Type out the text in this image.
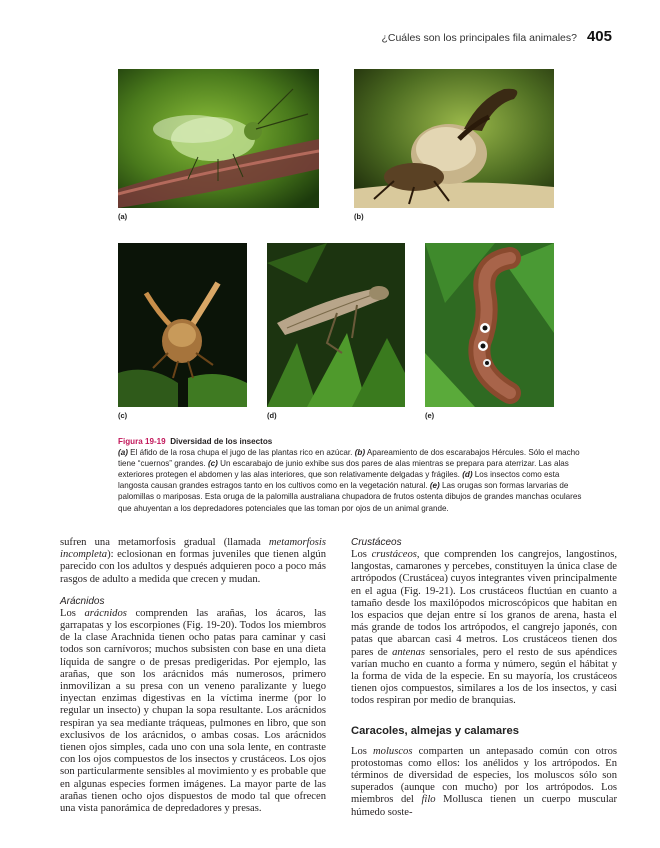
¿Cuáles son los principales fila animales? 405
(a)	(b)
(c)	(d)	(e)
Figura 19-19 Diversidad de los insectos
(a) El áfido de la rosa chupa el jugo de las plantas rico en azúcar. (b) Apareamiento de dos escarabajos Hércules. Sólo el macho tiene “cuernos” grandes. (c) Un escarabajo de junio exhibe sus dos pares de alas mientras se prepara para aterrizar. Las alas exteriores protegen el abdomen y las alas interiores, que son relativamente delgadas y frágiles. (d) Los insectos como esta langosta causan grandes estragos tanto en los cultivos como en la vegetación natural. (e) Las orugas son formas larvarias de palomillas o mariposas. Esta oruga de la palomilla australiana chupadora de frutos ostenta dibujos de grandes manchas oculares que ahuyentan a los depredadores potenciales que las toman por ojos de un animal grande.

sufren una metamorfosis gradual (llamada metamorfosis incompleta): eclosionan en formas juveniles que tienen algún parecido con los adultos y después adquieren poco a poco más rasgos de adulto a medida que crecen y mudan.

Arácnidos

Los arácnidos comprenden las arañas, los ácaros, las garrapatas y los escorpiones (Fig. 19-20). Todos los miembros de la clase Arachnida tienen ocho patas para caminar y casi todos son carnívoros; muchos subsisten con base en una dieta líquida de sangre o de presas predigeridas. Por ejemplo, las arañas, que son los arácnidos más numerosos, primero inmovilizan a su presa con un veneno paralizante y luego inyectan enzimas digestivas en la víctima inerme (por lo regular un insecto) y chupan la sopa resultante. Los arácnidos respiran ya sea mediante tráqueas, pulmones en libro, que son exclusivos de los arácnidos, o ambas cosas. Los arácnidos tienen ojos simples, cada uno con una sola lente, en contraste con los ojos compuestos de los insectos y crustáceos. Los ojos son particularmente sensibles al movimiento y es probable que en algunas especies formen imágenes. La mayor parte de las arañas tienen ocho ojos dispuestos de modo tal que ofrecen una vista panorámica de depredadores y presas.

Crustáceos

Los crustáceos, que comprenden los cangrejos, langostinos, langostas, camarones y percebes, constituyen la única clase de artrópodos (Crustácea) cuyos integrantes viven principalmente en el agua (Fig. 19-21). Los crustáceos fluctúan en cuanto a tamaño desde los maxilópodos microscópicos que habitan en los espacios que dejan entre sí los granos de arena, hasta el más grande de todos los artrópodos, el cangrejo japonés, con patas que abarcan casi 4 metros. Los crustáceos tienen dos pares de antenas sensoriales, pero el resto de sus apéndices varían mucho en cuanto a forma y número, según el hábitat y la forma de vida de la especie. En su mayoría, los crustáceos tienen ojos compuestos, similares a los de los insectos, y casi todos respiran por medio de branquias.

Caracoles, almejas y calamares

Los moluscos comparten un antepasado común con otros protostomas como ellos: los anélidos y los artrópodos. En términos de diversidad de especies, los moluscos sólo son superados (aunque con mucho) por los artrópodos. Los miembros del filo Mollusca tienen un cuerpo muscular húmedo soste-
